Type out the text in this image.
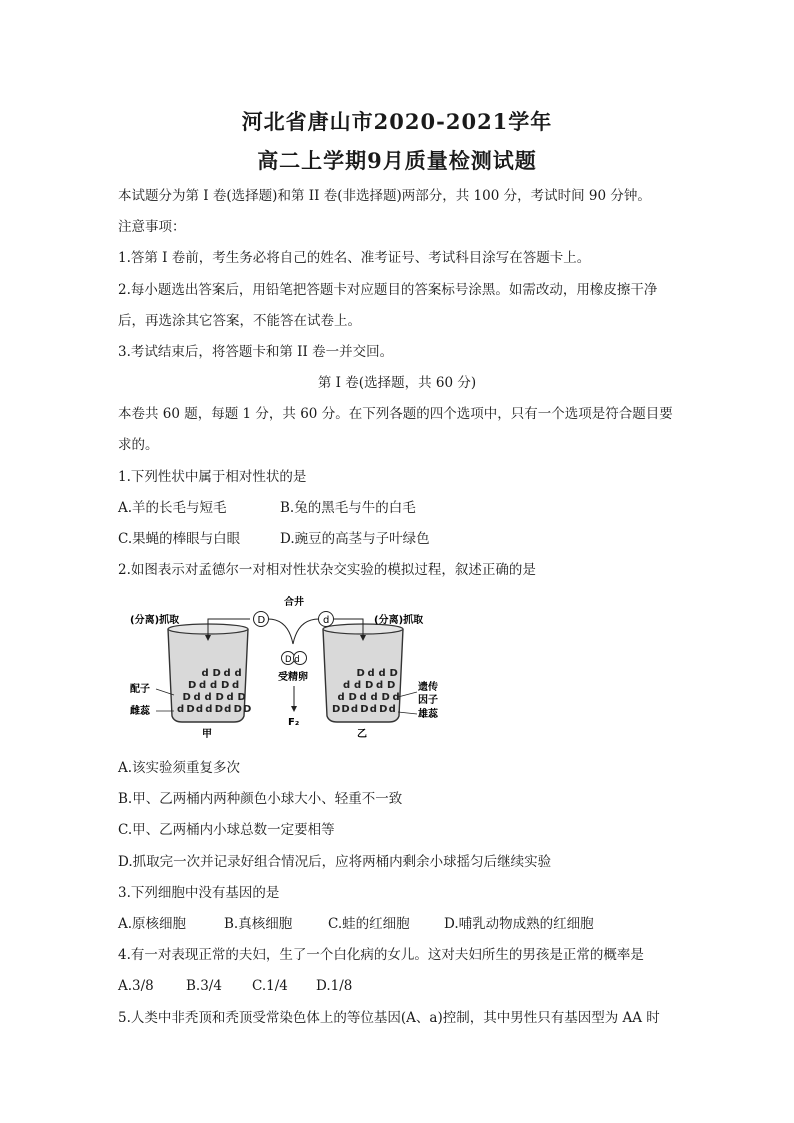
河北省唐山市2020-2021学年
高二上学期9月质量检测试题
本试题分为第 I 卷(选择题)和第 II 卷(非选择题)两部分，共 100 分，考试时间 90 分钟。
注意事项：
1.答第 I 卷前，考生务必将自己的姓名、准考证号、考试科目涂写在答题卡上。
2.每小题选出答案后，用铅笔把答题卡对应题目的答案标号涂黑。如需改动，用橡皮擦干净
后，再选涂其它答案，不能答在试卷上。
3.考试结束后，将答题卡和第 II 卷一并交回。
第 I 卷(选择题，共 60 分)
本卷共 60 题，每题 1 分，共 60 分。在下列各题的四个选项中，只有一个选项是符合题目要
求的。
1.下列性状中属于相对性状的是
A.羊的长毛与短毛	B.兔的黑毛与牛的白毛
C.果蝇的棒眼与白眼	D.豌豆的高茎与子叶绿色
2.如图表示对孟德尔一对相对性状杂交实验的模拟过程，叙述正确的是
合井
(分离)抓取	(分离)抓取
D	d
D d
受精卵
F₂
配子
雌蕊
遗传
因子
雄蕊
甲	乙
d D d d
D d d D d
D d d D d D
d D d d D d D D
D d d D
d d D d D
d D d d D d
D D d D d D d
A.该实验须重复多次
B.甲、乙两桶内两种颜色小球大小、轻重不一致
C.甲、乙两桶内小球总数一定要相等
D.抓取完一次并记录好组合情况后，应将两桶内剩余小球摇匀后继续实验
3.下列细胞中没有基因的是
A.原核细胞	B.真核细胞	C.蛙的红细胞	D.哺乳动物成熟的红细胞
4.有一对表现正常的夫妇，生了一个白化病的女儿。这对夫妇所生的男孩是正常的概率是
A.3/8 B.3/4 C.1/4 D.1/8
5.人类中非秃顶和秃顶受常染色体上的等位基因(A、a)控制，其中男性只有基因型为 AA 时
